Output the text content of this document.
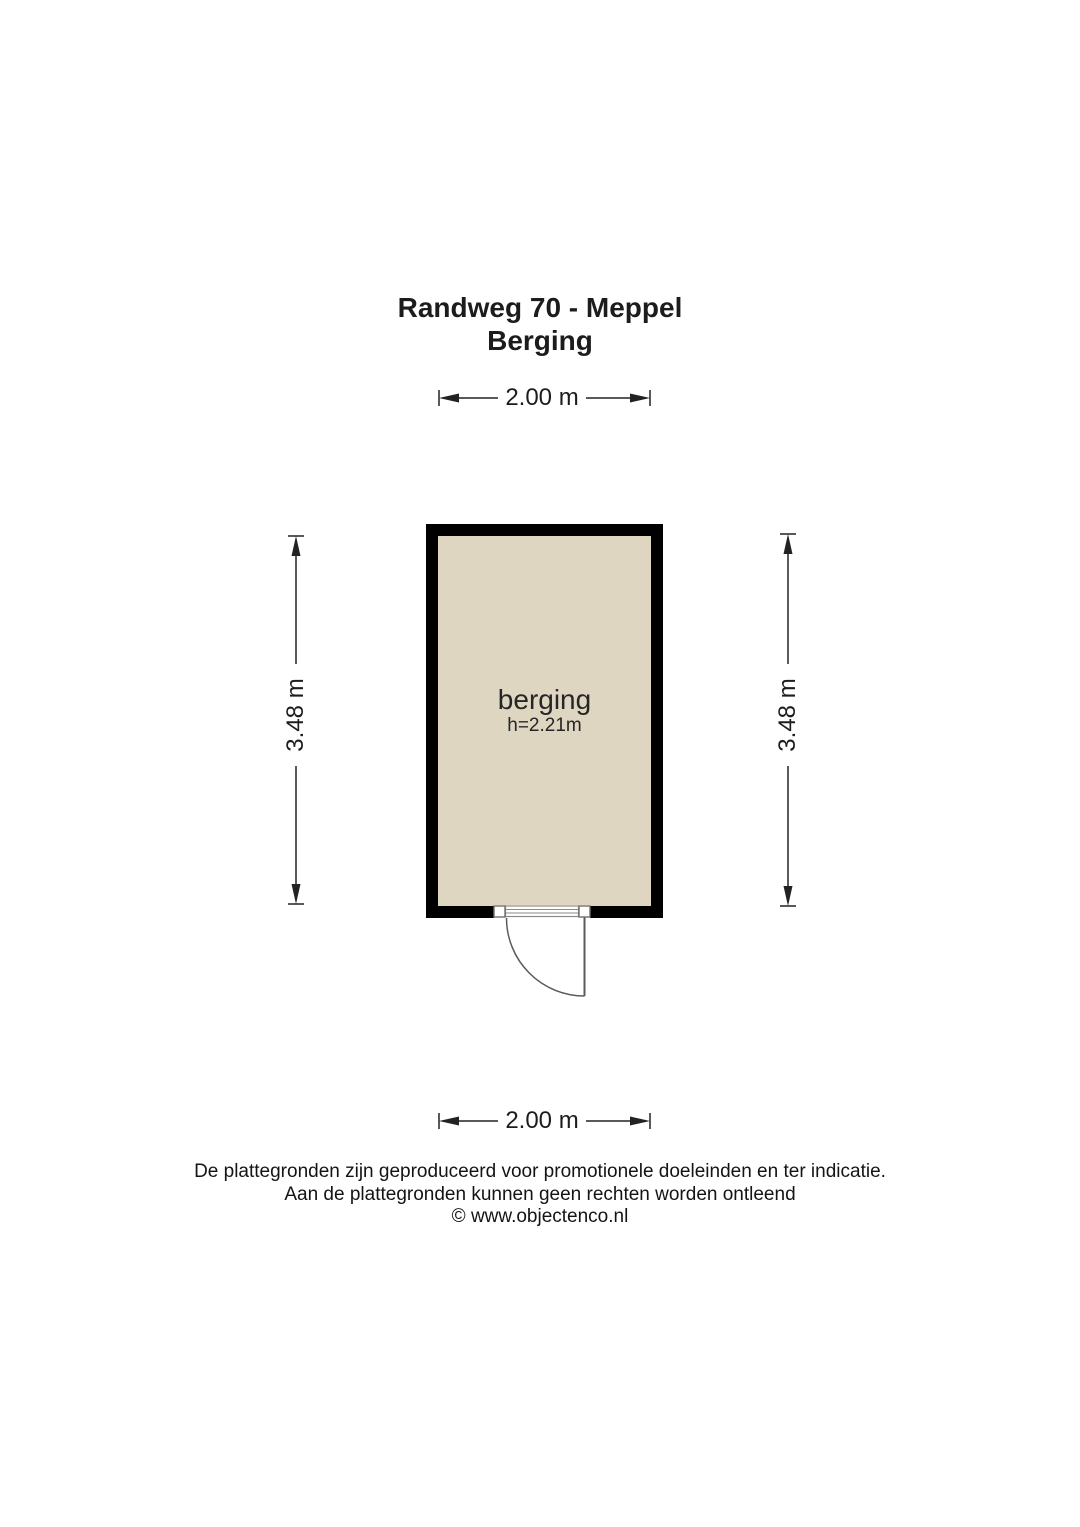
Randweg 70 - Meppel
Berging
2.00 m
2.00 m
3.48 m	3.48 m
berging
h=2.21m
De plattegronden zijn geproduceerd voor promotionele doeleinden en ter indicatie.
Aan de plattegronden kunnen geen rechten worden ontleend
© www.objectenco.nl
